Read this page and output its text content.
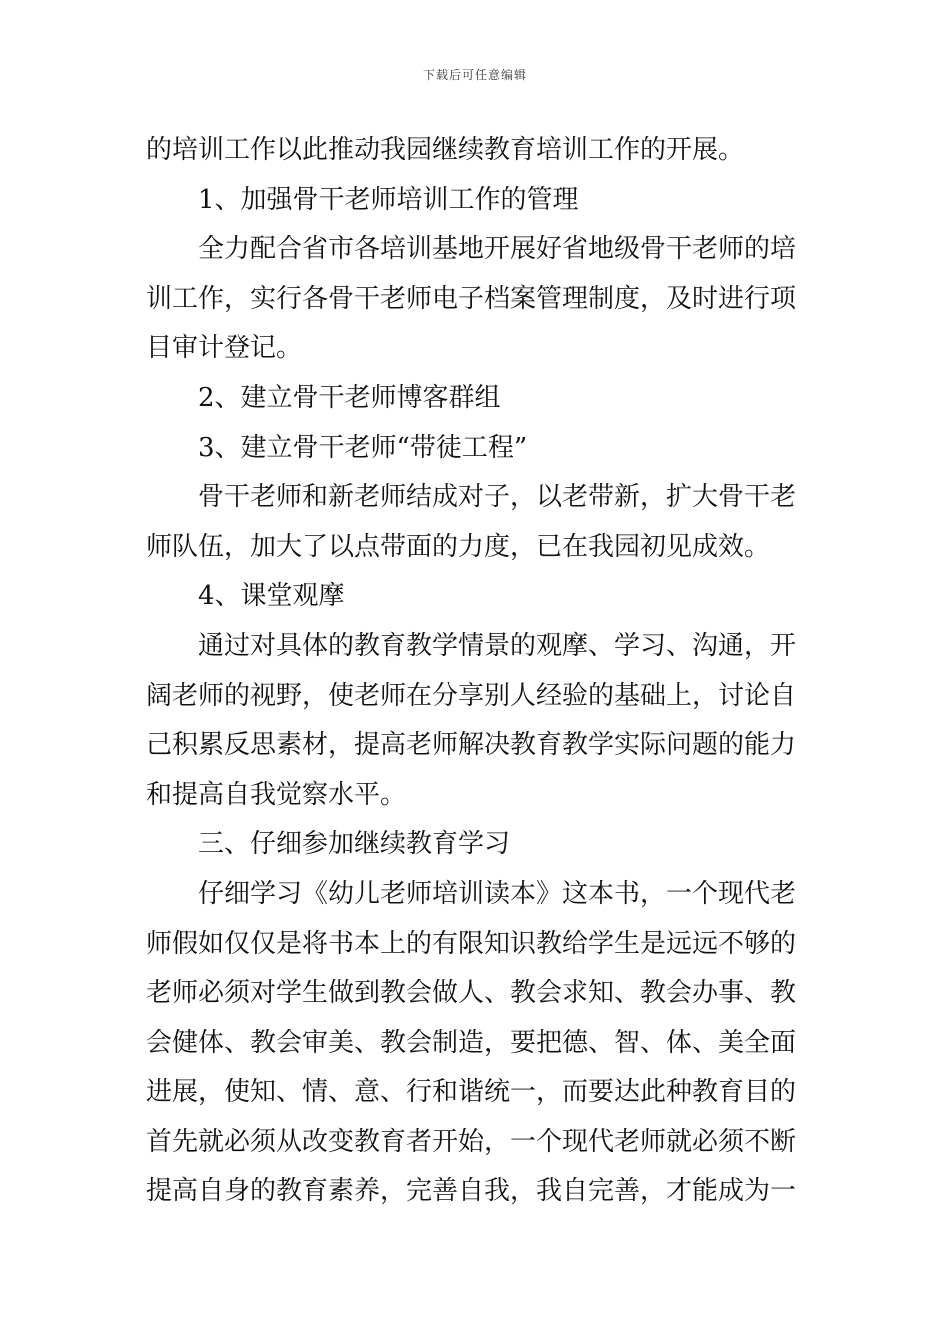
下载后可任意编辑
的培训工作以此推动我园继续教育培训工作的开展。
1、加强骨干老师培训工作的管理
全力配合省市各培训基地开展好省地级骨干老师的培
训工作，实行各骨干老师电子档案管理制度，及时进行项
目审计登记。
2、建立骨干老师博客群组
3、建立骨干老师“带徒工程”
骨干老师和新老师结成对子，以老带新，扩大骨干老
师队伍，加大了以点带面的力度，已在我园初见成效。
4、课堂观摩
通过对具体的教育教学情景的观摩、学习、沟通，开
阔老师的视野，使老师在分享别人经验的基础上，讨论自
己积累反思素材，提高老师解决教育教学实际问题的能力
和提高自我觉察水平。
三、仔细参加继续教育学习
仔细学习《幼儿老师培训读本》这本书，一个现代老
师假如仅仅是将书本上的有限知识教给学生是远远不够的
老师必须对学生做到教会做人、教会求知、教会办事、教
会健体、教会审美、教会制造，要把德、智、体、美全面
进展，使知、情、意、行和谐统一，而要达此种教育目的
首先就必须从改变教育者开始，一个现代老师就必须不断
提高自身的教育素养，完善自我，我自完善，才能成为一
